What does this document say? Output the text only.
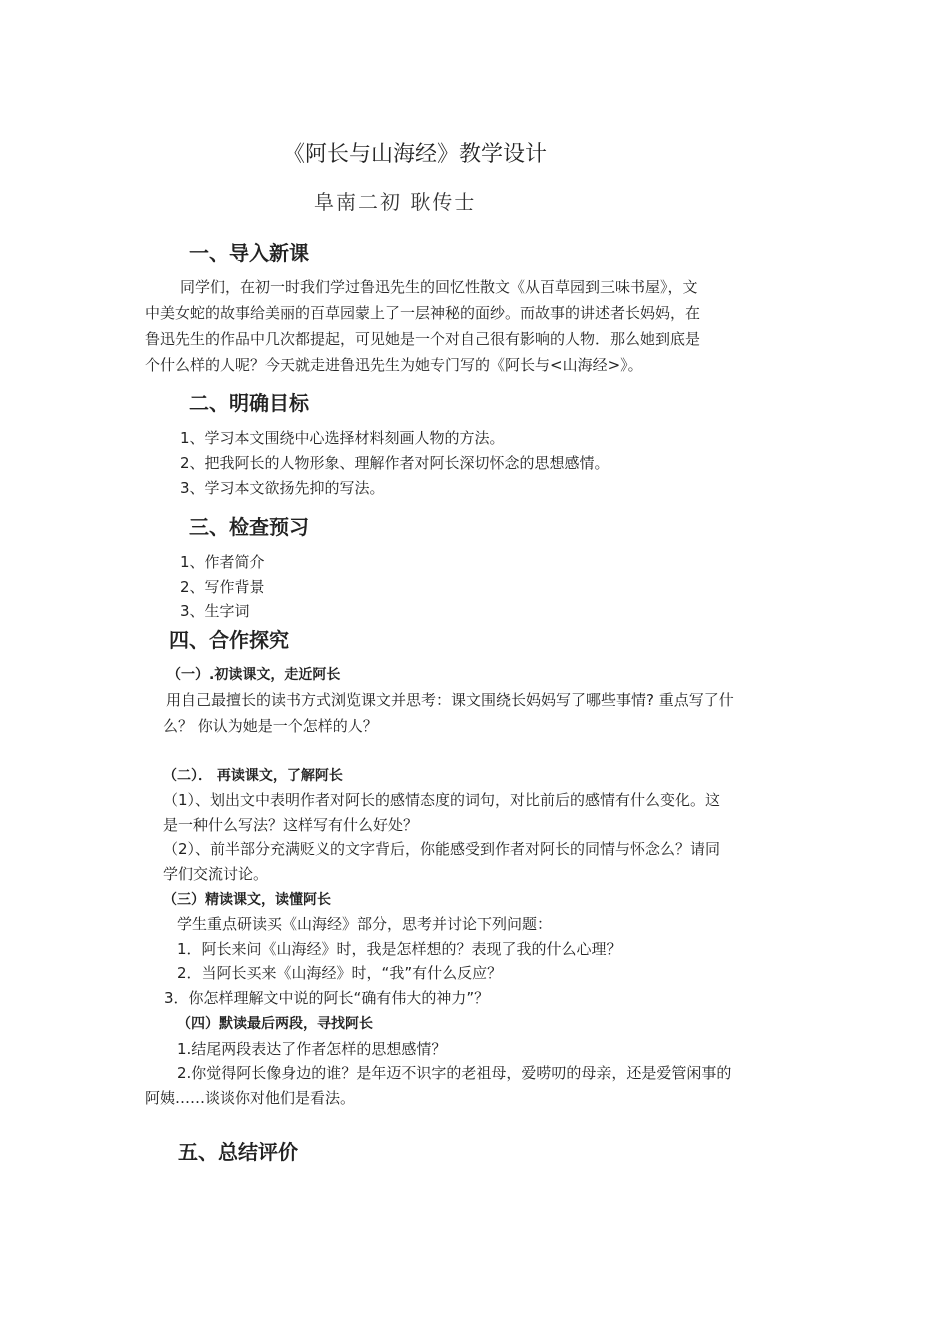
《阿长与山海经》教学设计
阜南二初 耿传士
一、导入新课
同学们，在初一时我们学过鲁迅先生的回忆性散文《从百草园到三味书屋》，文
中美女蛇的故事给美丽的百草园蒙上了一层神秘的面纱。而故事的讲述者长妈妈，在
鲁迅先生的作品中几次都提起，可见她是一个对自己很有影响的人物．那么她到底是
个什么样的人呢？今天就走进鲁迅先生为她专门写的《阿长与<山海经>》。
二、明确目标
1、学习本文围绕中心选择材料刻画人物的方法。
2、把我阿长的人物形象、理解作者对阿长深切怀念的思想感情。
3、学习本文欲扬先抑的写法。
三、检查预习
1、作者简介
2、写作背景
3、生字词
四、合作探究
（一）.初读课文，走近阿长
用自己最擅长的读书方式浏览课文并思考：课文围绕长妈妈写了哪些事情? 重点写了什
么？ 你认为她是一个怎样的人？
（二）． 再读课文，了解阿长
（1）、划出文中表明作者对阿长的感情态度的词句，对比前后的感情有什么变化。这
是一种什么写法？这样写有什么好处？
（2）、前半部分充满贬义的文字背后，你能感受到作者对阿长的同情与怀念么？请同
学们交流讨论。
（三）精读课文，读懂阿长
学生重点研读买《山海经》部分，思考并讨论下列问题：
1．阿长来问《山海经》时，我是怎样想的？表现了我的什么心理？
2．当阿长买来《山海经》时，“我”有什么反应？
3．你怎样理解文中说的阿长“确有伟大的神力”？
（四）默读最后两段，寻找阿长
1.结尾两段表达了作者怎样的思想感情？
2.你觉得阿长像身边的谁？是年迈不识字的老祖母，爱唠叨的母亲，还是爱管闲事的
阿姨……谈谈你对他们是看法。
五、总结评价
